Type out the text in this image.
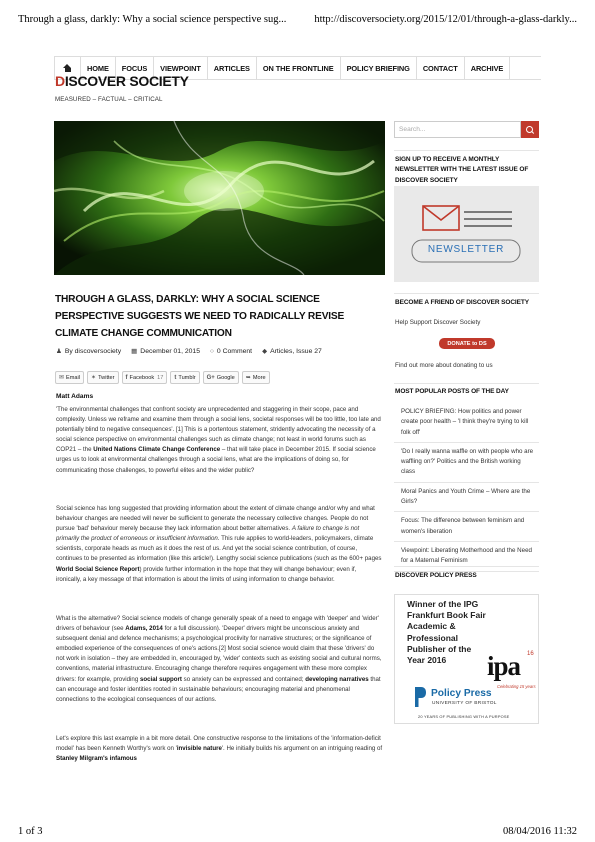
Through a glass, darkly: Why a social science perspective sug...	http://discoversociety.org/2015/12/01/through-a-glass-darkly...
HOME	FOCUS	VIEWPOINT	ARTICLES	ON THE FRONTLINE	POLICY BRIEFING	CONTACT	ARCHIVE
DISCOVER SOCIETY
MEASURED – FACTUAL – CRITICAL
THROUGH A GLASS, DARKLY: WHY A SOCIAL SCIENCE PERSPECTIVE SUGGESTS WE NEED TO RADICALLY REVISE CLIMATE CHANGE COMMUNICATION
♟ By discoversociety ▦ December 01, 2015 ○ 0 Comment ◆ Articles, Issue 27
✉ Email ✶ Twitter f Facebook 17 t Tumblr G+ Google ➥ More
Matt Adams

'The environmental challenges that confront society are unprecedented and staggering in their scope, pace and complexity. Unless we reframe and examine them through a social lens, societal responses will be too little, too late and potentially blind to negative consequences'. [1] This is a portentous statement, stridently advocating the necessity of a social science perspective on environmental challenges such as climate change; not least in world forums such as COP21 – the United Nations Climate Change Conference – that will take place in December 2015. If social science urges us to look at environmental challenges through a social lens, what are the implications of doing so, for communicating those challenges, to powerful elites and the wider public?

Social science has long suggested that providing information about the extent of climate change and/or why and what behaviour changes are needed will never be sufficient to generate the necessary collective changes. People do not pursue 'bad' behaviour merely because they lack information about better alternatives. A failure to change is not primarily the product of erroneous or insufficient information. This rule applies to world-leaders, policymakers, climate scientists, corporate heads as much as it does the rest of us. And yet the social science contribution, of course, continues to be presented as information (like this article!). Lengthy social science publications (such as the 600+ pages World Social Science Report) provide further information in the hope that they will change behaviour; even if, ironically, a key message of that information is about the limits of using information to change behavior.

What is the alternative? Social science models of change generally speak of a need to engage with 'deeper' and 'wider' drivers of behaviour (see Adams, 2014 for a full discussion). 'Deeper' drivers might be unconscious anxiety and subsequent denial and defence mechanisms; a psychological proclivity for narrative structures; or the significance of embodied experience of the consequences of one's actions.[2] Most social science would claim that these 'drivers' do not work in isolation – they are embedded in, encouraged by, 'wider' contexts such as existing social and cultural norms, conventions, material infrastructure. Encouraging change therefore requires engagement with these more complex drivers: for example, providing social support so anxiety can be expressed and contained; developing narratives that can encourage and foster identities rooted in sustainable behaviours; encouraging material and phenomenal connections to the ecological consequences of our actions.

Let's explore this last example in a bit more detail. One constructive response to the limitations of the 'information-deficit model' has been Kenneth Worthy's work on 'invisible nature'. He initially builds his argument on an intriguing reading of Stanley Milgram's infamous

Search...
SIGN UP TO RECEIVE A MONTHLY NEWSLETTER WITH THE LATEST ISSUE OF DISCOVER SOCIETY
NEWSLETTER
BECOME A FRIEND OF DISCOVER SOCIETY
Help Support Discover Society
DONATE to DS
Find out more about donating to us
MOST POPULAR POSTS OF THE DAY
POLICY BRIEFING: How politics and power create poor health – 'I think they're trying to kill folk off'
'Do I really wanna waffle on with people who are waffling on?' Politics and the British working class
Moral Panics and Youth Crime – Where are the Girls?
Focus: The difference between feminism and women's liberation
Viewpoint: Liberating Motherhood and the Need for a Maternal Feminism
DISCOVER POLICY PRESS
Winner of the IPG Frankfurt Book Fair Academic & Professional Publisher of the Year 2016	ipa 16
Celebrating 15 years
Policy Press
UNIVERSITY OF BRISTOL
20 YEARS OF PUBLISHING WITH A PURPOSE
1 of 3	08/04/2016 11:32
